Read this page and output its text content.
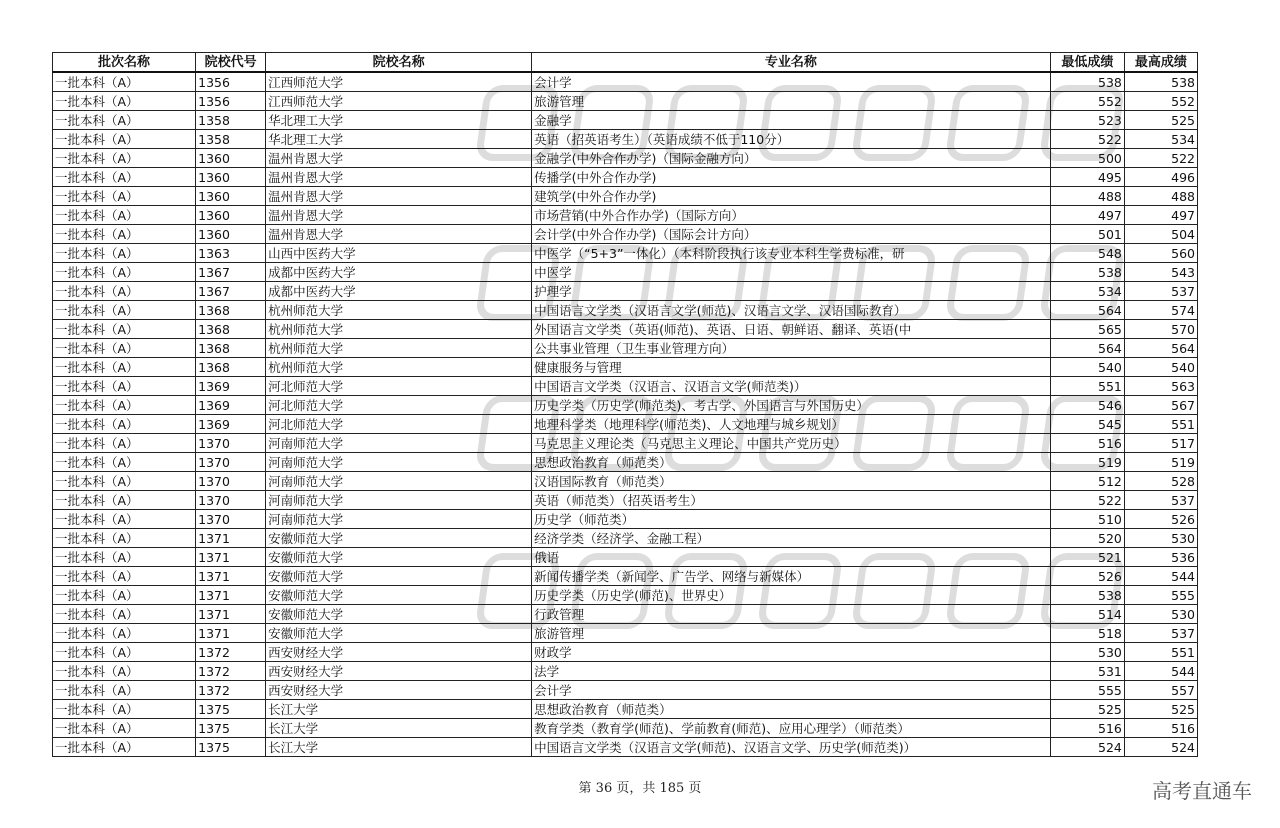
批次名称	院校代号	院校名称	专业名称	最低成绩	最高成绩
一批本科（A）	1356	江西师范大学	会计学	538	538
一批本科（A）	1356	江西师范大学	旅游管理	552	552
一批本科（A）	1358	华北理工大学	金融学	523	525
一批本科（A）	1358	华北理工大学	英语（招英语考生）（英语成绩不低于110分）	522	534
一批本科（A）	1360	温州肯恩大学	金融学(中外合作办学)（国际金融方向）	500	522
一批本科（A）	1360	温州肯恩大学	传播学(中外合作办学)	495	496
一批本科（A）	1360	温州肯恩大学	建筑学(中外合作办学)	488	488
一批本科（A）	1360	温州肯恩大学	市场营销(中外合作办学)（国际方向）	497	497
一批本科（A）	1360	温州肯恩大学	会计学(中外合作办学)（国际会计方向）	501	504
一批本科（A）	1363	山西中医药大学	中医学（“5+3”一体化）（本科阶段执行该专业本科生学费标准，研	548	560
一批本科（A）	1367	成都中医药大学	中医学	538	543
一批本科（A）	1367	成都中医药大学	护理学	534	537
一批本科（A）	1368	杭州师范大学	中国语言文学类（汉语言文学(师范)、汉语言文学、汉语国际教育）	564	574
一批本科（A）	1368	杭州师范大学	外国语言文学类（英语(师范)、英语、日语、朝鲜语、翻译、英语(中	565	570
一批本科（A）	1368	杭州师范大学	公共事业管理（卫生事业管理方向）	564	564
一批本科（A）	1368	杭州师范大学	健康服务与管理	540	540
一批本科（A）	1369	河北师范大学	中国语言文学类（汉语言、汉语言文学(师范类)）	551	563
一批本科（A）	1369	河北师范大学	历史学类（历史学(师范类)、考古学、外国语言与外国历史）	546	567
一批本科（A）	1369	河北师范大学	地理科学类（地理科学(师范类)、人文地理与城乡规划）	545	551
一批本科（A）	1370	河南师范大学	马克思主义理论类（马克思主义理论、中国共产党历史）	516	517
一批本科（A）	1370	河南师范大学	思想政治教育（师范类）	519	519
一批本科（A）	1370	河南师范大学	汉语国际教育（师范类）	512	528
一批本科（A）	1370	河南师范大学	英语（师范类）（招英语考生）	522	537
一批本科（A）	1370	河南师范大学	历史学（师范类）	510	526
一批本科（A）	1371	安徽师范大学	经济学类（经济学、金融工程）	520	530
一批本科（A）	1371	安徽师范大学	俄语	521	536
一批本科（A）	1371	安徽师范大学	新闻传播学类（新闻学、广告学、网络与新媒体）	526	544
一批本科（A）	1371	安徽师范大学	历史学类（历史学(师范)、世界史）	538	555
一批本科（A）	1371	安徽师范大学	行政管理	514	530
一批本科（A）	1371	安徽师范大学	旅游管理	518	537
一批本科（A）	1372	西安财经大学	财政学	530	551
一批本科（A）	1372	西安财经大学	法学	531	544
一批本科（A）	1372	西安财经大学	会计学	555	557
一批本科（A）	1375	长江大学	思想政治教育（师范类）	525	525
一批本科（A）	1375	长江大学	教育学类（教育学(师范)、学前教育(师范)、应用心理学）（师范类）	516	516
一批本科（A）	1375	长江大学	中国语言文学类（汉语言文学(师范)、汉语言文学、历史学(师范类)）	524	524
第 36 页，共 185 页	高考直通车
